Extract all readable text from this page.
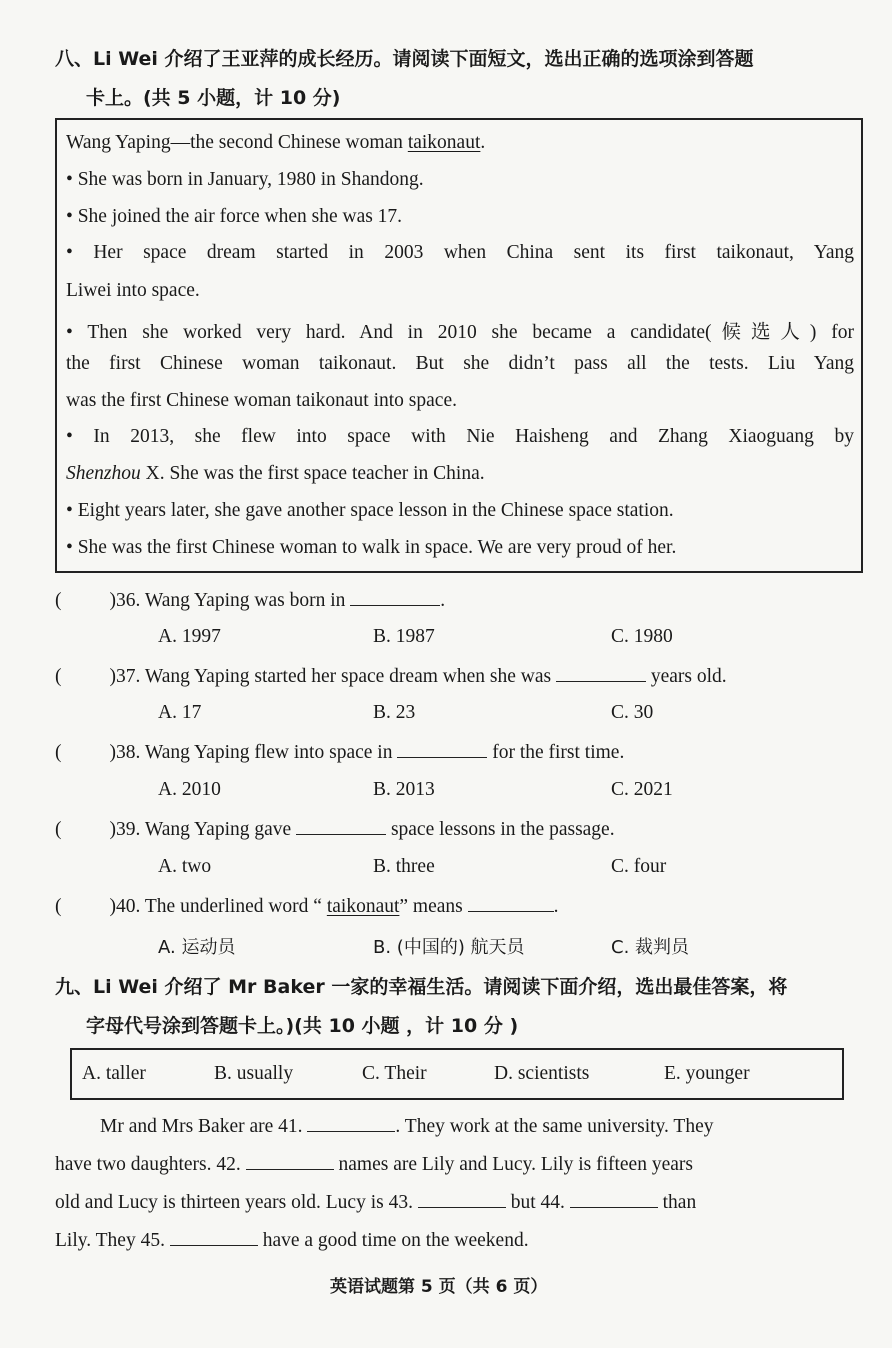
八、Li Wei 介绍了王亚萍的成长经历。请阅读下面短文，选出正确的选项涂到答题
卡上。(共 5 小题，计 10 分)
Wang Yaping—the second Chinese woman taikonaut.
• She was born in January, 1980 in Shandong.
• She joined the air force when she was 17.
• Her space dream started in 2003 when China sent its first taikonaut, Yang
Liwei into space.
• Then she worked very hard. And in 2010 she became a candidate(候选人) for
the first Chinese woman taikonaut. But she didn’t pass all the tests. Liu Yang
was the first Chinese woman taikonaut into space.
• In 2013, she flew into space with Nie Haisheng and Zhang Xiaoguang by
Shenzhou X. She was the first space teacher in China.
• Eight years later, she gave another space lesson in the Chinese space station.
• She was the first Chinese woman to walk in space. We are very proud of her.
( )36. Wang Yaping was born in	.
A. 1997	B. 1987	C. 1980
( )37. Wang Yaping started her space dream when she was	years old.
A. 17	B. 23	C. 30
( )38. Wang Yaping flew into space in	for the first time.
A. 2010	B. 2013	C. 2021
( )39. Wang Yaping gave	space lessons in the passage.
A. two	B. three	C. four
( )40. The underlined word “ taikonaut” means	.
A. 运动员	B. (中国的) 航天员	C. 裁判员
九、Li Wei 介绍了 Mr Baker 一家的幸福生活。请阅读下面介绍，选出最佳答案，将
字母代号涂到答题卡上。)(共 10 小题 ，计 10 分 )
A. taller	B. usually	C. Their	D. scientists	E. younger
Mr and Mrs Baker are 41.	. They work at the same university. They
have two daughters. 42.	names are Lily and Lucy. Lily is fifteen years
old and Lucy is thirteen years old. Lucy is 43.	but 44.	than
Lily. They 45.	have a good time on the weekend.
英语试题第 5 页（共 6 页）
